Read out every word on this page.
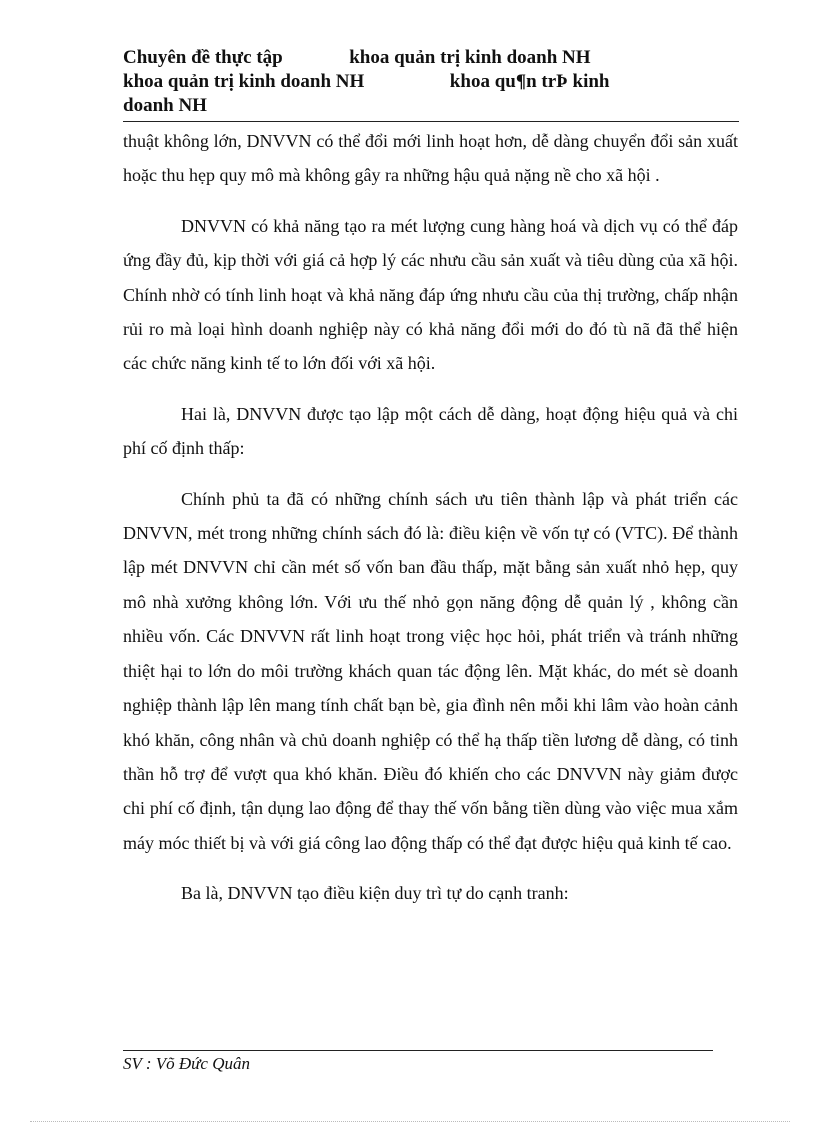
Chuyên đề thực tập              khoa quản trị kinh doanh NH
khoa quản trị kinh doanh NH                  khoa qu¶n trÞ kinh
doanh NH

thuật không lớn, DNVVN có thể đổi mới linh hoạt hơn, dễ dàng chuyển đổi sản xuất hoặc thu hẹp quy mô mà không gây ra những hậu quả nặng nề cho xã hội .

DNVVN có khả năng tạo ra mét lượng cung hàng hoá và dịch vụ có thể đáp ứng đầy đủ, kịp thời với giá cả hợp lý các nhưu cầu sản xuất và tiêu dùng của xã hội. Chính nhờ có tính linh hoạt và khả năng đáp ứng nhưu cầu của thị trường, chấp nhận rủi ro mà loại hình doanh nghiệp này có khả năng đổi mới do đó tù nã đã thể hiện các chức năng kinh tế to lớn đối với xã hội.

Hai là, DNVVN được tạo lập một cách dễ dàng, hoạt động hiệu quả và chi phí cố định thấp:

Chính phủ ta đã có những chính sách ưu tiên thành lập và phát triển các DNVVN, mét trong những chính sách đó là: điều kiện về vốn tự có (VTC). Để thành lập mét DNVVN chỉ cần mét số vốn ban đầu thấp, mặt bằng sản xuất nhỏ hẹp, quy mô nhà xưởng không lớn. Với ưu thế nhỏ gọn năng động dễ quản lý , không cần nhiều vốn. Các DNVVN rất linh hoạt trong việc học hỏi, phát triển và tránh những thiệt hại to lớn do môi trường khách quan tác động lên. Mặt khác, do mét sè doanh nghiệp thành lập lên mang tính chất bạn bè, gia đình nên mỗi khi lâm vào hoàn cảnh khó khăn, công nhân và chủ doanh nghiệp có thể hạ thấp tiền lương dễ dàng, có tinh thần hỗ trợ để vượt qua khó khăn. Điều đó khiến cho các DNVVN này giảm được chi phí cố định, tận dụng lao động để thay thế vốn bằng tiền dùng vào việc mua xắm máy móc thiết bị và với giá công lao động thấp có thể đạt được hiệu quả kinh tế cao.

Ba là, DNVVN tạo điều kiện duy trì tự do cạnh tranh:

SV : Võ Đức Quân
